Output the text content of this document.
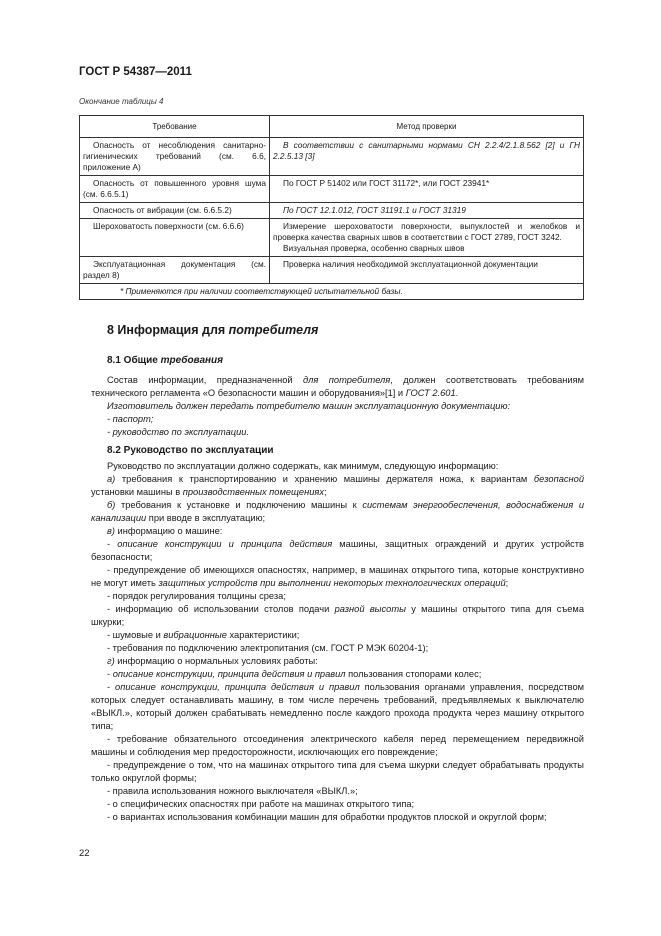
ГОСТ Р 54387—2011
Окончание таблицы 4
Требование	Метод проверки
Опасность от несоблюдения санитарно-гигиенических требований (см. 6.6, приложение А)	В соответствии с санитарными нормами СН 2.2.4/2.1.8.562 [2] и ГН 2.2.5.13 [3]
Опасность от повышенного уровня шума (см. 6.6.5.1)	По ГОСТ Р 51402 или ГОСТ 31172*, или ГОСТ 23941*
Опасность от вибрации (см. 6.6.5.2)	По ГОСТ 12.1.012, ГОСТ 31191.1 и ГОСТ 31319
Шероховатость поверхности (см. 6.6.6)	Измерение шероховатости поверхности, выпуклостей и желобков и проверка качества сварных швов в соответствии с ГОСТ 2789, ГОСТ 3242.
Визуальная проверка, особенно сварных швов

Эксплуатационная документация (см. раздел 8)	Проверка наличия необходимой эксплуатационной документации
* Применяются при наличии соответствующей испытательной базы.	
8 Информация для потребителя
8.1 Общие требования

Состав информации, предназначенной для потребителя, должен соответствовать требованиям технического регламента «О безопасности машин и оборудования»[1] и ГОСТ 2.601.

Изготовитель должен передать потребителю машин эксплуатационную документацию:

- паспорт;

- руководство по эксплуатации.

8.2 Руководство по эксплуатации

Руководство по эксплуатации должно содержать, как минимум, следующую информацию:

а) требования к транспортированию и хранению машины держателя ножа, к вариантам безопасной установки машины в производственных помещениях;

б) требования к установке и подключению машины к системам энергообеспечения, водоснабжения и канализации при вводе в эксплуатацию;

в) информацию о машине:

- описание конструкции и принципа действия машины, защитных ограждений и других устройств безопасности;

- предупреждение об имеющихся опасностях, например, в машинах открытого типа, которые конструктивно не могут иметь защитных устройств при выполнении некоторых технологических операций;

- порядок регулирования толщины среза;

- информацию об использовании столов подачи разной высоты у машины открытого типа для съема шкурки;

- шумовые и вибрационные характеристики;

- требования по подключению электропитания (см. ГОСТ Р МЭК 60204-1);

г) информацию о нормальных условиях работы:

- описание конструкции, принципа действия и правил пользования стопорами колес;

- описание конструкции, принципа действия и правил пользования органами управления, посредством которых следует останавливать машину, в том числе перечень требований, предъявляемых к выключателю «ВЫКЛ.», который должен срабатывать немедленно после каждого прохода продукта через машину открытого типа;

- требование обязательного отсоединения электрического кабеля перед перемещением передвижной машины и соблюдения мер предосторожности, исключающих его повреждение;

- предупреждение о том, что на машинах открытого типа для съема шкурки следует обрабатывать продукты только округлой формы;

- правила использования ножного выключателя «ВЫКЛ.»;

- о специфических опасностях при работе на машинах открытого типа;

- о вариантах использования комбинации машин для обработки продуктов плоской и округлой форм;

22
